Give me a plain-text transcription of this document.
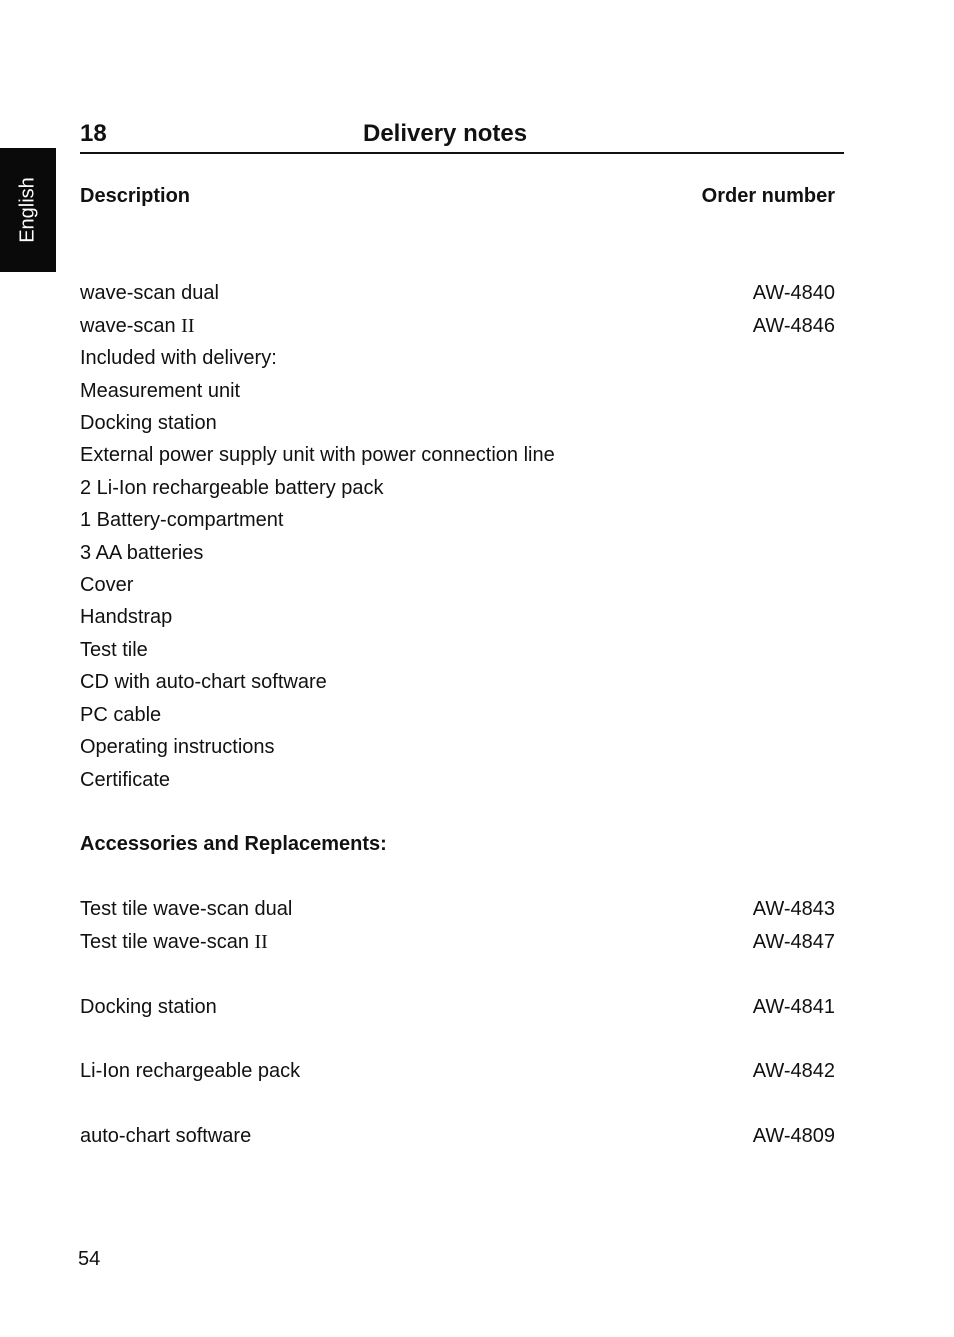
English
18	Delivery notes
Description	Order number
wave-scan dual	AW-4840
wave-scan II	AW-4846
Included with delivery:
Measurement unit
Docking station
External power supply unit with power connection line
2 Li-Ion rechargeable battery pack
1 Battery-compartment
3 AA batteries
Cover
Handstrap
Test tile
CD with auto-chart software
PC cable
Operating instructions
Certificate
Accessories and Replacements:
Test tile wave-scan dual	AW-4843
Test tile wave-scan II	AW-4847
Docking station	AW-4841
Li-Ion rechargeable pack	AW-4842
auto-chart software	AW-4809
54
